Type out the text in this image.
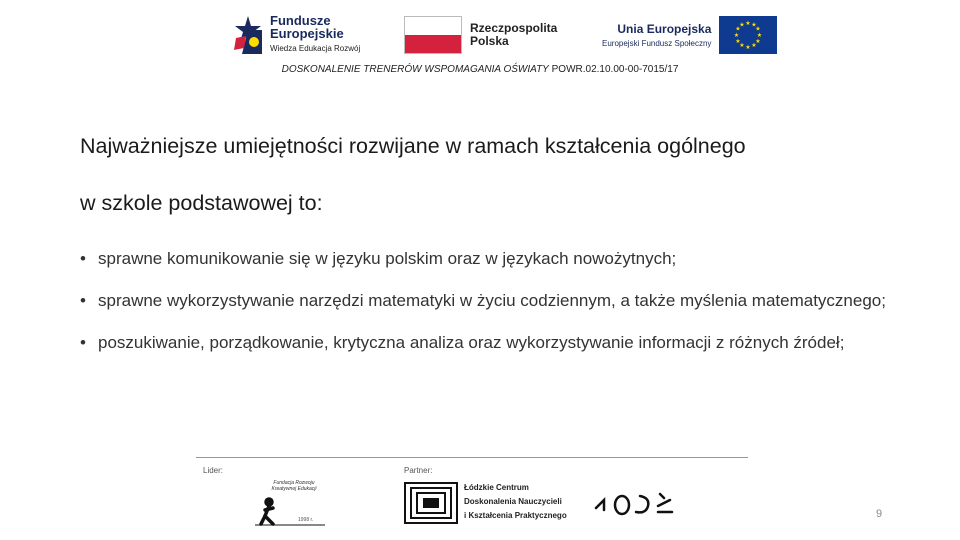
Fundusze
Europejskie
Wiedza Edukacja Rozwój
Rzeczpospolita
Polska
Unia Europejska
Europejski Fundusz Społeczny
★ ★
★
★
★
★
★
★
★
★
★
★
DOSKONALENIE TRENERÓW WSPOMAGANIA OŚWIATY POWR.02.10.00-00-7015/17
Najważniejsze umiejętności rozwijane w ramach kształcenia ogólnego
w szkole podstawowej to:
• sprawne komunikowanie się w języku polskim oraz w językach nowożytnych;
• sprawne wykorzystywanie narzędzi matematyki w życiu codziennym, a także myślenia matematycznego;
• poszukiwanie, porządkowanie, krytyczna analiza oraz wykorzystywanie informacji z różnych źródeł;
Lider:	Partner:
Fundacja Rozwoju Kreatywnej Edukacji
1998 r.
Łódzkie Centrum
Doskonalenia Nauczycieli
i Kształcenia Praktycznego	9
